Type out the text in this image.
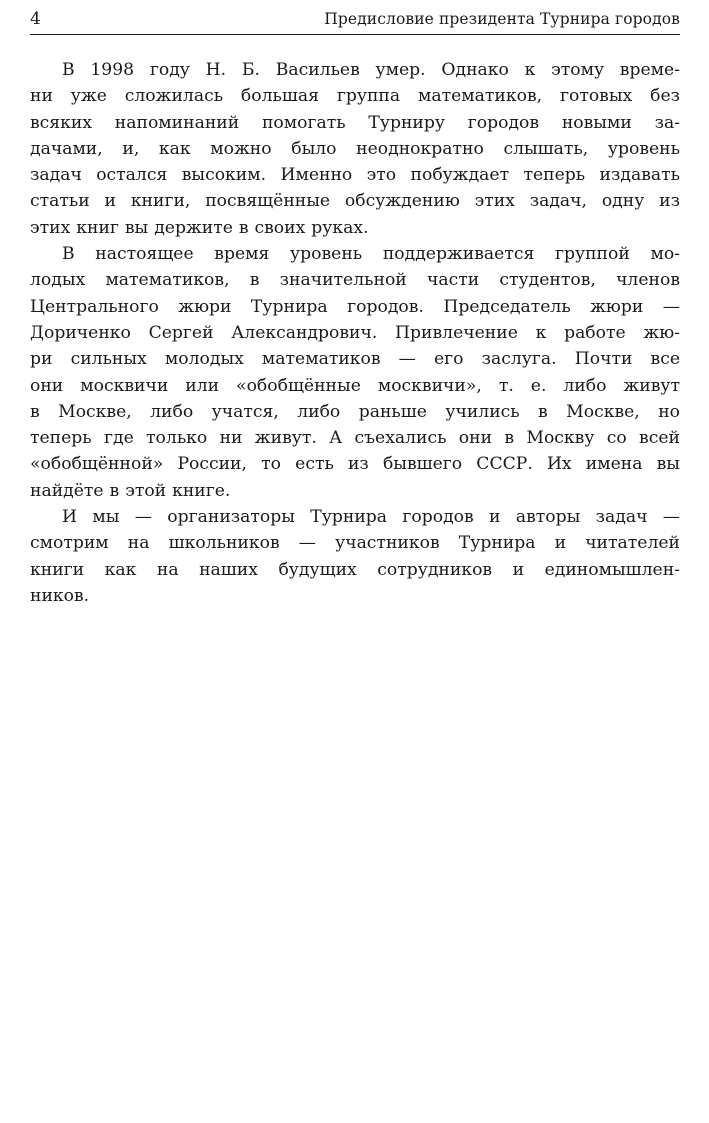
4	Предисловие президента Турнира городов

В 1998 году Н. Б. Васильев умер. Однако к этому време-
ни уже сложилась большая группа математиков, готовых без
всяких напоминаний помогать Турниру городов новыми за-
дачами, и, как можно было неоднократно слышать, уровень
задач остался высоким. Именно это побуждает теперь издавать
статьи и книги, посвящённые обсуждению этих задач, одну из
этих книг вы держите в своих руках.

В настоящее время уровень поддерживается группой мо-
лодых математиков, в значительной части студентов, членов
Центрального жюри Турнира городов. Председатель жюри —
Дориченко Сергей Александрович. Привлечение к работе жю-
ри сильных молодых математиков — его заслуга. Почти все
они москвичи или «обобщённые москвичи», т. е. либо живут
в Москве, либо учатся, либо раньше учились в Москве, но
теперь где только ни живут. А съехались они в Москву со всей
«обобщённой» России, то есть из бывшего СССР. Их имена вы
найдёте в этой книге.

И мы — организаторы Турнира городов и авторы задач —
смотрим на школьников — участников Турнира и читателей
книги как на наших будущих сотрудников и единомышлен-
ников.
